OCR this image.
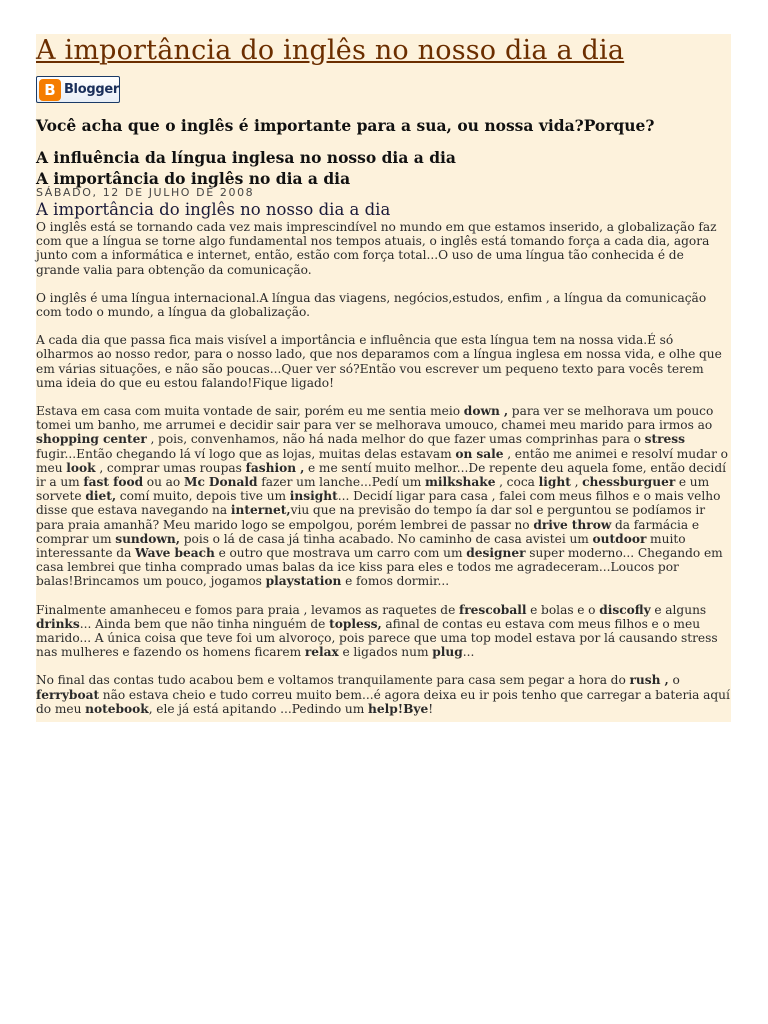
A importância do inglês no nosso dia a dia
B Blogger
Você acha que o inglês é importante para a sua, ou nossa vida?Porque?
A influência da língua inglesa no nosso dia a dia
A importância do inglês no dia a dia
SÁBADO, 12 DE JULHO DE 2008
A importância do inglês no nosso dia a dia

O inglês está se tornando cada vez mais imprescindível no mundo em que estamos inserido, a globalização faz com que a língua se torne algo fundamental nos tempos atuais, o inglês está tomando força a cada dia, agora junto com a informática e internet, então, estão com força total...O uso de uma língua tão conhecida é de grande valia para obtenção da comunicação.

O inglês é uma língua internacional.A língua das viagens, negócios,estudos, enfim , a língua da comunicação com todo o mundo, a língua da globalização.

A cada dia que passa fica mais visível a importância e influência que esta língua tem na nossa vida.É só olharmos ao nosso redor, para o nosso lado, que nos deparamos com a língua inglesa em nossa vida, e olhe que em várias situações, e não são poucas...Quer ver só?Então vou escrever um pequeno texto para vocês terem uma ideia do que eu estou falando!Fique ligado!

Estava em casa com muita vontade de sair, porém eu me sentia meio down , para ver se melhorava um pouco tomei um banho, me arrumei e decidir sair para ver se melhorava umouco, chamei meu marido para irmos ao shopping center , pois, convenhamos, não há nada melhor do que fazer umas comprinhas para o stress fugir...Então chegando lá ví logo que as lojas, muitas delas estavam on sale , então me animei e resolví mudar o meu look , comprar umas roupas fashion , e me sentí muito melhor...De repente deu aquela fome, então decidí ir a um fast food ou ao Mc Donald fazer um lanche...Pedí um milkshake , coca light , chessburguer e um sorvete diet, comí muito, depois tive um insight... Decidí ligar para casa , falei com meus filhos e o mais velho disse que estava navegando na internet,viu que na previsão do tempo ía dar sol e perguntou se podíamos ir para praia amanhã? Meu marido logo se empolgou, porém lembrei de passar no drive throw da farmácia e comprar um sundown, pois o lá de casa já tinha acabado. No caminho de casa avistei um outdoor muito interessante da Wave beach e outro que mostrava um carro com um designer super moderno... Chegando em casa lembrei que tinha comprado umas balas da ice kiss para eles e todos me agradeceram...Loucos por balas!Brincamos um pouco, jogamos playstation e fomos dormir...

Finalmente amanheceu e fomos para praia , levamos as raquetes de frescoball e bolas e o discofly e alguns drinks... Ainda bem que não tinha ninguém de topless, afinal de contas eu estava com meus filhos e o meu marido... A única coisa que teve foi um alvoroço, pois parece que uma top model estava por lá causando stress nas mulheres e fazendo os homens ficarem relax e ligados num plug...

No final das contas tudo acabou bem e voltamos tranquilamente para casa sem pegar a hora do rush , o ferryboat não estava cheio e tudo correu muito bem...é agora deixa eu ir pois tenho que carregar a bateria aquí do meu notebook, ele já está apitando ...Pedindo um help!Bye!
